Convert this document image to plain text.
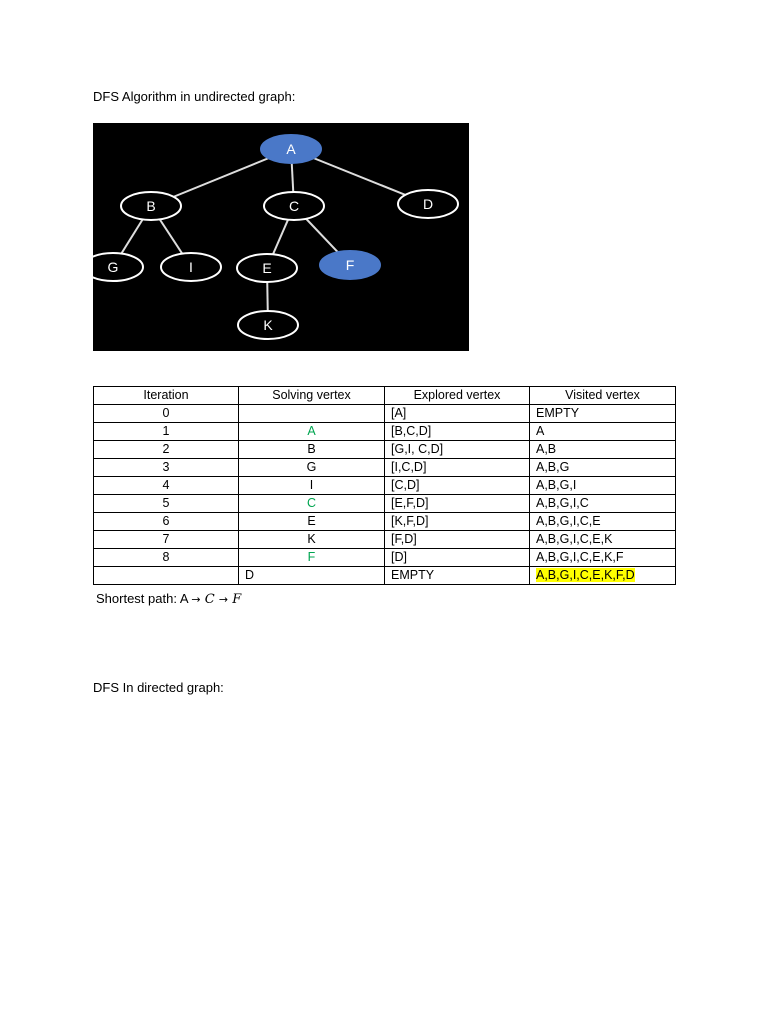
DFS Algorithm in undirected graph:
A
B	C	D
G	I	E	F
K
Iteration	Solving vertex	Explored vertex	Visited vertex
0		[A]	EMPTY
1	A	[B,C,D]	A
2	B	[G,I, C,D]	A,B
3	G	[I,C,D]	A,B,G
4	I	[C,D]	A,B,G,I
5	C	[E,F,D]	A,B,G,I,C
6	E	[K,F,D]	A,B,G,I,C,E
7	K	[F,D]	A,B,G,I,C,E,K
8	F	[D]	A,B,G,I,C,E,K,F
	D	EMPTY	A,B,G,I,C,E,K,F,D
Shortest path: A → C → F
DFS In directed graph:
